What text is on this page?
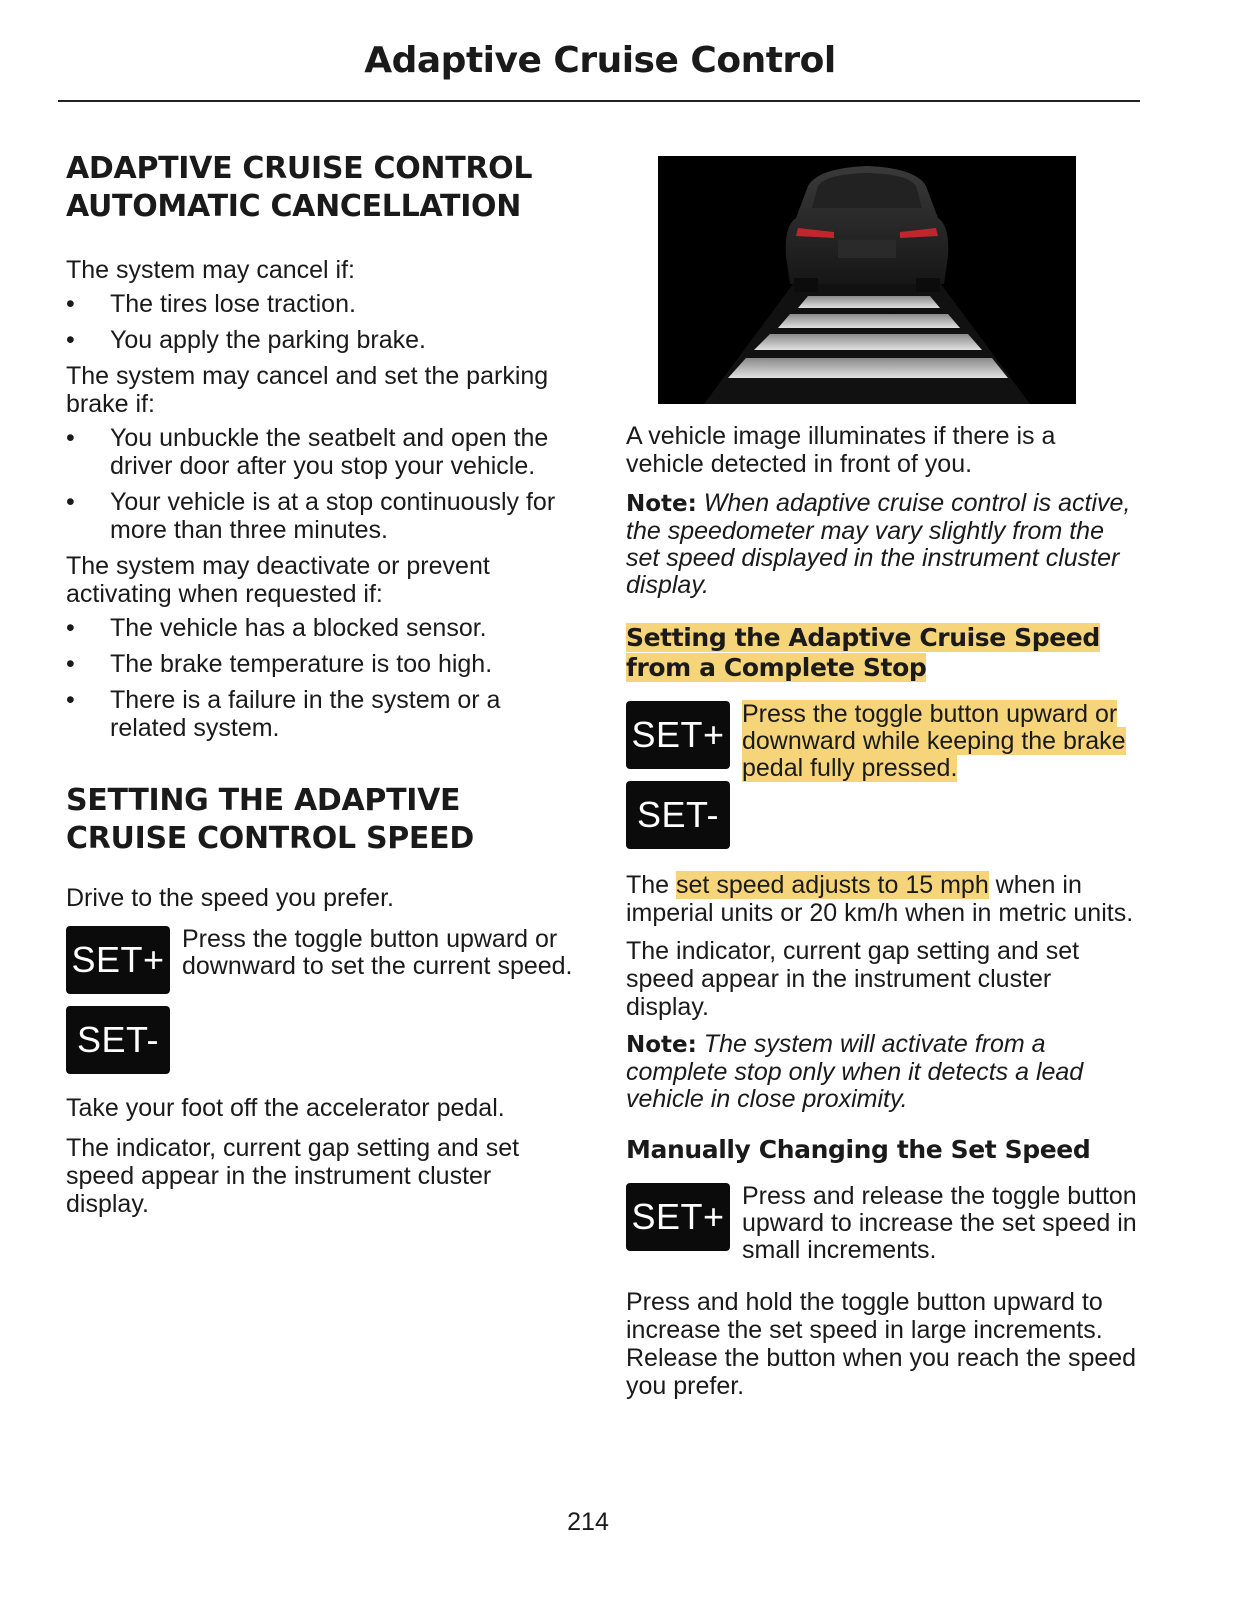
Adaptive Cruise Control
ADAPTIVE CRUISE CONTROL
AUTOMATIC CANCELLATION

The system may cancel if:

• The tires lose traction.
• You apply the parking brake.

The system may cancel and set the parking brake if:

• You unbuckle the seatbelt and open the driver door after you stop your vehicle.
• Your vehicle is at a stop continuously for more than three minutes.

The system may deactivate or prevent activating when requested if:

• The vehicle has a blocked sensor.
• The brake temperature is too high.
• There is a failure in the system or a related system.
SETTING THE ADAPTIVE
CRUISE CONTROL SPEED

Drive to the speed you prefer.

SET+
SET-
Press the toggle button upward or downward to set the current speed.

Take your foot off the accelerator pedal.

The indicator, current gap setting and set speed appear in the instrument cluster display.

A vehicle image illuminates if there is a vehicle detected in front of you.

Note: When adaptive cruise control is active, the speedometer may vary slightly from the set speed displayed in the instrument cluster display.

Setting the Adaptive Cruise Speed
from a Complete Stop
SET+
SET-
Press the toggle button upward or downward while keeping the brake pedal fully pressed.

The set speed adjusts to 15 mph when in imperial units or 20 km/h when in metric units.

The indicator, current gap setting and set speed appear in the instrument cluster display.

Note: The system will activate from a complete stop only when it detects a lead vehicle in close proximity.

Manually Changing the Set Speed
SET+ Press and release the toggle button upward to increase the set speed in small increments.

Press and hold the toggle button upward to increase the set speed in large increments. Release the button when you reach the speed you prefer.

214
